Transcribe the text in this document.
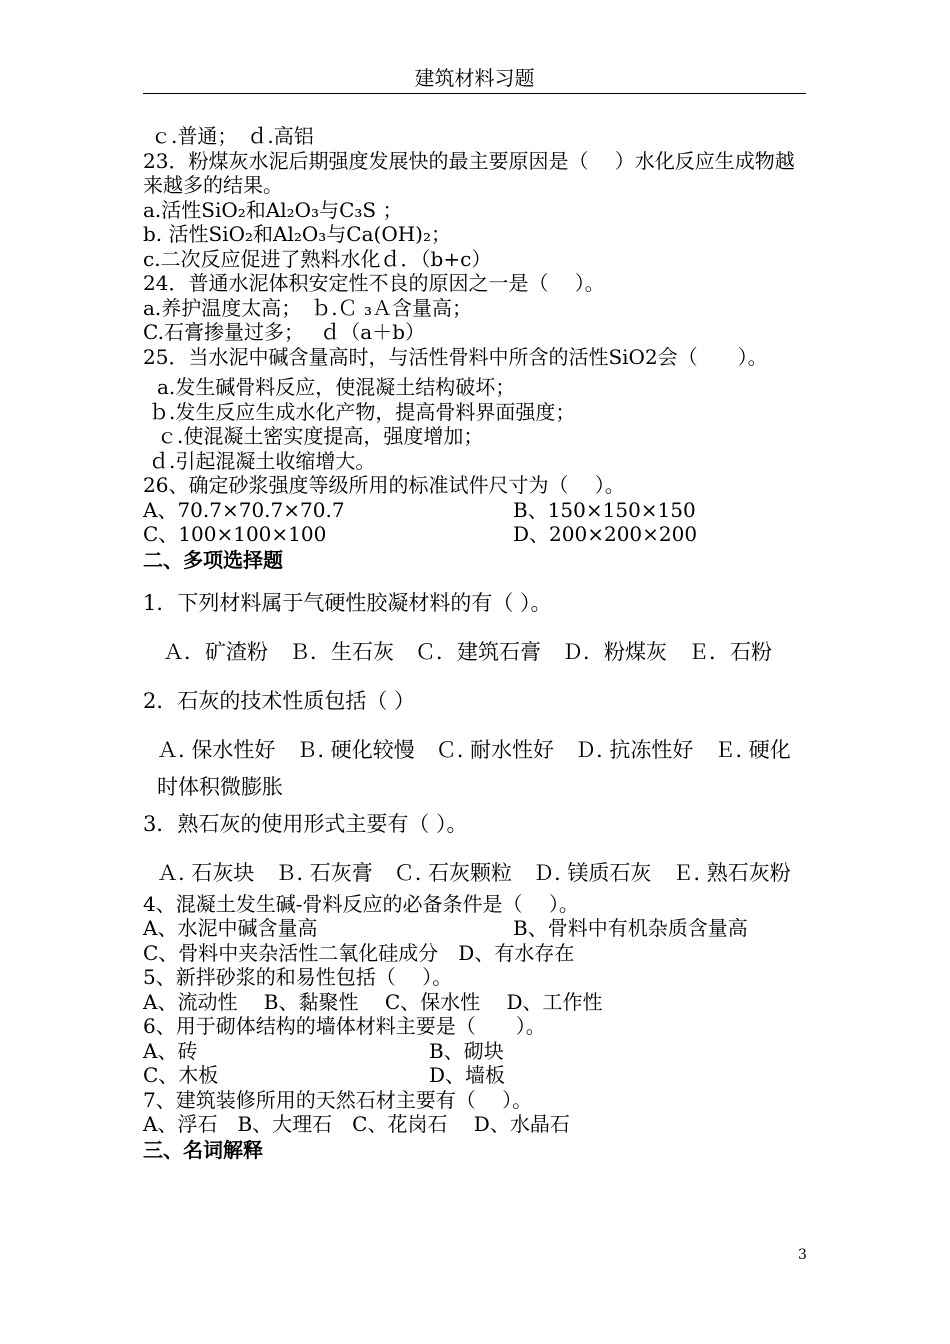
建筑材料习题
ｃ.普通；　ｄ.高铝
23．粉煤灰水泥后期强度发展快的最主要原因是（　 ）水化反应生成物越来越多的结果。
a.活性SiO₂和Al₂O₃与C₃S ；
b. 活性SiO₂和Al₂O₃与Ca(OH)₂；
c.二次反应促进了熟料水化ｄ．（b+c）
24．普通水泥体积安定性不良的原因之一是（　 ）。
a.养护温度太高；　ｂ.Ｃ ₃Ａ含量高；
C.石膏掺量过多；　 ｄ（a＋b）
25．当水泥中碱含量高时，与活性骨料中所含的活性SiO2会（　　）。
a.发生碱骨料反应，使混凝土结构破坏；
ｂ.发生反应生成水化产物，提高骨料界面强度；
ｃ.使混凝土密实度提高，强度增加；
ｄ.引起混凝土收缩增大。
26、确定砂浆强度等级所用的标准试件尺寸为（　 ）。
A、70.7×70.7×70.7	B、150×150×150
C、100×100×100	D、200×200×200
二、多项选择题
1．下列材料属于气硬性胶凝材料的有（ ）。
Ａ．矿渣粉　Ｂ．生石灰　Ｃ．建筑石膏　Ｄ．粉煤灰　Ｅ．石粉
2．石灰的技术性质包括（ ）
Ａ. 保水性好　Ｂ. 硬化较慢　Ｃ. 耐水性好　Ｄ. 抗冻性好　Ｅ. 硬化时体积微膨胀
3．熟石灰的使用形式主要有（ ）。
Ａ. 石灰块　Ｂ. 石灰膏　Ｃ. 石灰颗粒　Ｄ. 镁质石灰　Ｅ. 熟石灰粉
4、混凝土发生碱-骨料反应的必备条件是（　 ）。
A、水泥中碱含量高	B、骨料中有机杂质含量高
C、骨料中夹杂活性二氧化硅成分　D、有水存在
5、新拌砂浆的和易性包括（　 ）。
A、流动性　 B、黏聚性　 C、保水性　 D、工作性
6、用于砌体结构的墙体材料主要是（　　）。
A、砖	B、砌块
C、木板	D、墙板
7、建筑装修所用的天然石材主要有（　 ）。
A、浮石　B、大理石　C、花岗石　 D、水晶石
三、名词解释
3
